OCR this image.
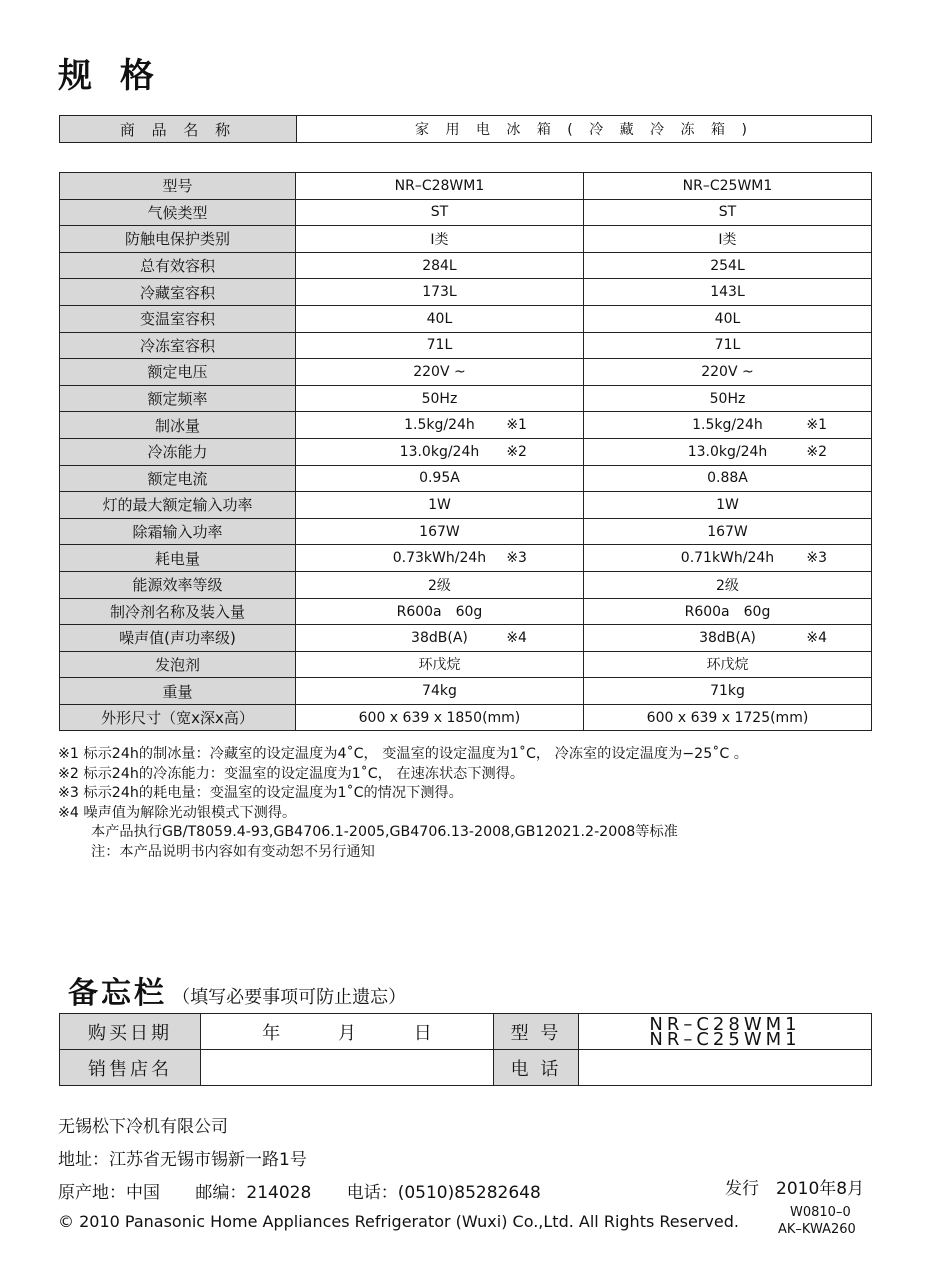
规 格
商 品 名 称	家 用 电 冰 箱 ( 冷 藏 冷 冻 箱 )
型号	NR–C28WM1	NR–C25WM1
气候类型	ST	ST
防触电保护类别	I类	I类
总有效容积	284L	254L
冷藏室容积	173L	143L
变温室容积	40L	40L
冷冻室容积	71L	71L
额定电压	220V ~	220V ~
额定频率	50Hz	50Hz
制冰量	1.5kg/24h ※1	1.5kg/24h ※1

冷冻能力	13.0kg/24h ※2	13.0kg/24h ※2

额定电流	0.95A	0.88A
灯的最大额定输入功率	1W	1W
除霜输入功率	167W	167W
耗电量	0.73kWh/24h ※3	0.71kWh/24h ※3

能源效率等级	2级	2级
制冷剂名称及装入量	R600a　60g	R600a　60g
噪声值(声功率级)	38dB(A) ※4	38dB(A) ※4

发泡剂	环戊烷	环戊烷
重量	74kg	71kg
外形尺寸（宽x深x高）	600 x 639 x 1850(mm)	600 x 639 x 1725(mm)
※1 标示24h的制冰量：冷藏室的设定温度为4˚C， 变温室的设定温度为1˚C， 冷冻室的设定温度为−25˚C 。
※2 标示24h的冷冻能力：变温室的设定温度为1˚C， 在速冻状态下测得。
※3 标示24h的耗电量：变温室的设定温度为1˚C的情况下测得。
※4 噪声值为解除光动银模式下测得。
本产品执行GB/T8059.4-93,GB4706.1-2005,GB4706.13-2008,GB12021.2-2008等标准
注：本产品说明书内容如有变动恕不另行通知
备忘栏 （填写必要事项可防止遗忘）
购买日期	年 月 日	型 号	NR–C28WM1
NR–C25WM1

销售店名		电 话	
无锡松下冷机有限公司
地址：江苏省无锡市锡新一路1号
原产地：中国 邮编：214028 电话：(0510)85282648	发行　2010年8月
W0810–0
AK–KWA260
© 2010 Panasonic Home Appliances Refrigerator (Wuxi) Co.,Ltd. All Rights Reserved.
